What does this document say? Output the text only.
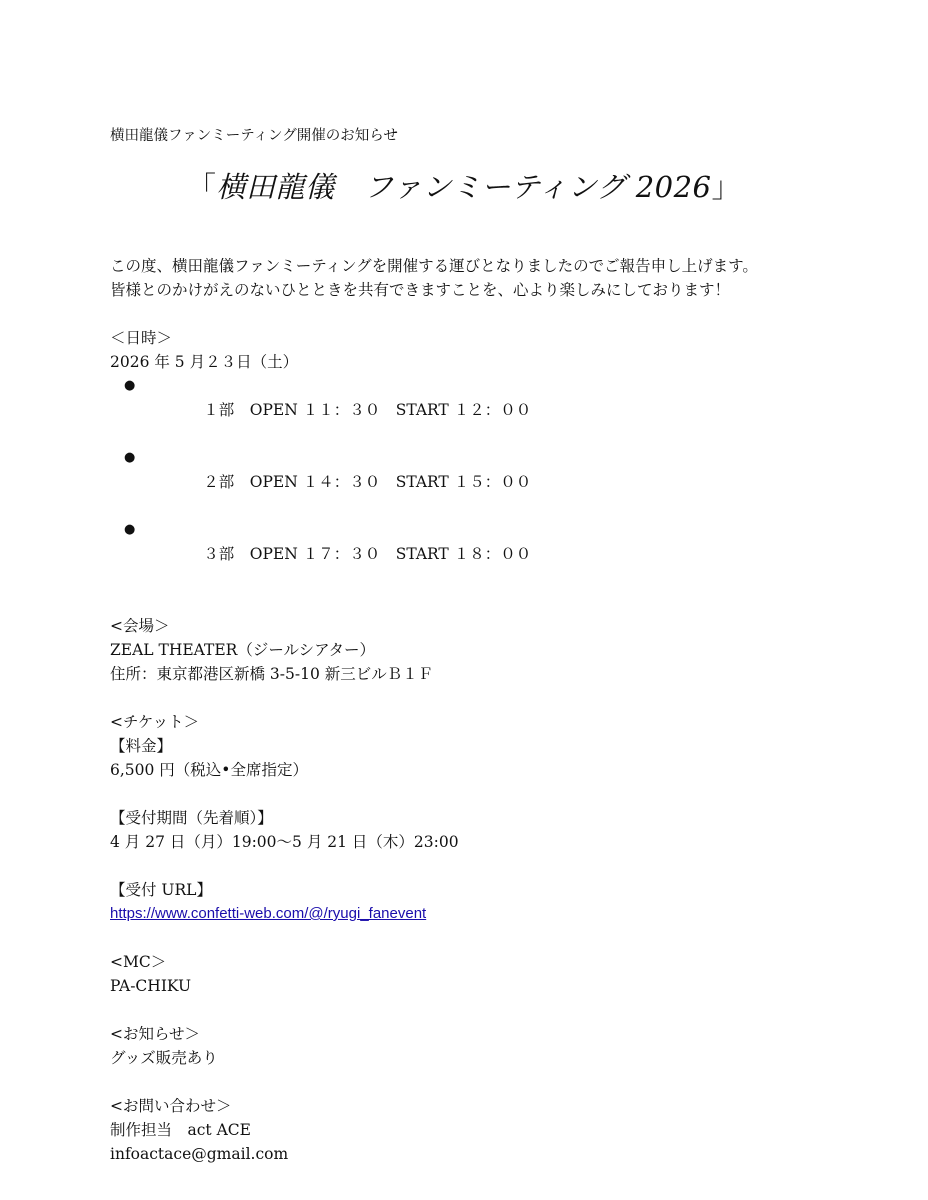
横田龍儀ファンミーティング開催のお知らせ
「横田龍儀　ファンミーティング 2026」
この度、横田龍儀ファンミーティングを開催する運びとなりましたのでご報告申し上げます。
皆様とのかけがえのないひとときを共有できますことを、心より楽しみにしております！
＜日時＞
2026 年 5 月２３日（土）

●
１部　OPEN １１：３０　START １２：００

●
２部　OPEN １４：３０　START １５：００

●
３部　OPEN １７：３０　START １８：００

<会場＞
ZEAL THEATER（ジールシアター）
住所：東京都港区新橋 3-5-10 新三ビルＢ１Ｆ
<チケット＞
【料金】
6,500 円（税込•全席指定）
【受付期間（先着順）】
4 月 27 日（月）19:00～5 月 21 日（木）23:00
【受付 URL】
https://www.confetti-web.com/@/ryugi_fanevent
<MC＞
PA-CHIKU
<お知らせ＞
グッズ販売あり
<お問い合わせ＞
制作担当　act ACE
infoactace@gmail.com
